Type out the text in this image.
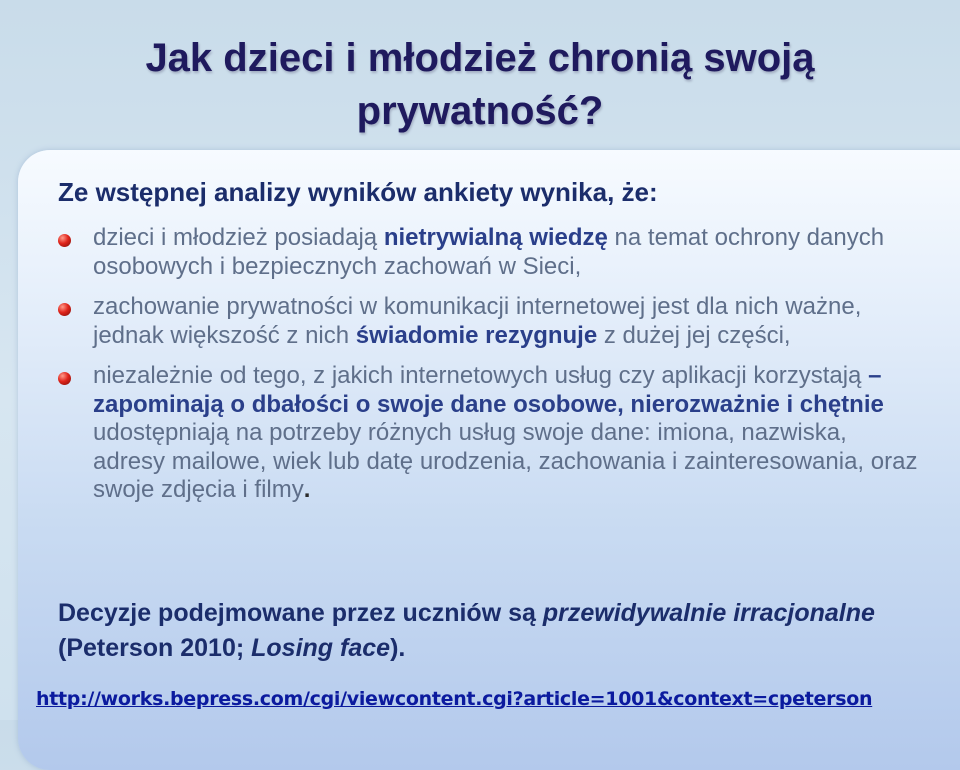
Jak dzieci i młodzież chronią swoją
prywatność?

Ze wstępnej analizy wyników ankiety wynika, że:

dzieci i młodzież posiadają nietrywialną wiedzę na temat ochrony danych osobowych i bezpiecznych zachowań w Sieci,
zachowanie prywatności w komunikacji internetowej jest dla nich ważne, jednak większość z nich świadomie rezygnuje z dużej jej części,
niezależnie od tego, z jakich internetowych usług czy aplikacji korzystają – zapominają o dbałości o swoje dane osobowe, nierozważnie i chętnie udostępniają na potrzeby różnych usług swoje dane: imiona, nazwiska, adresy mailowe, wiek lub datę urodzenia, zachowania i zainteresowania, oraz swoje zdjęcia i filmy.

Decyzje podejmowane przez uczniów są przewidywalnie irracjonalne (Peterson 2010; Losing face).

http://works.bepress.com/cgi/viewcontent.cgi?article=1001&context=cpeterson
